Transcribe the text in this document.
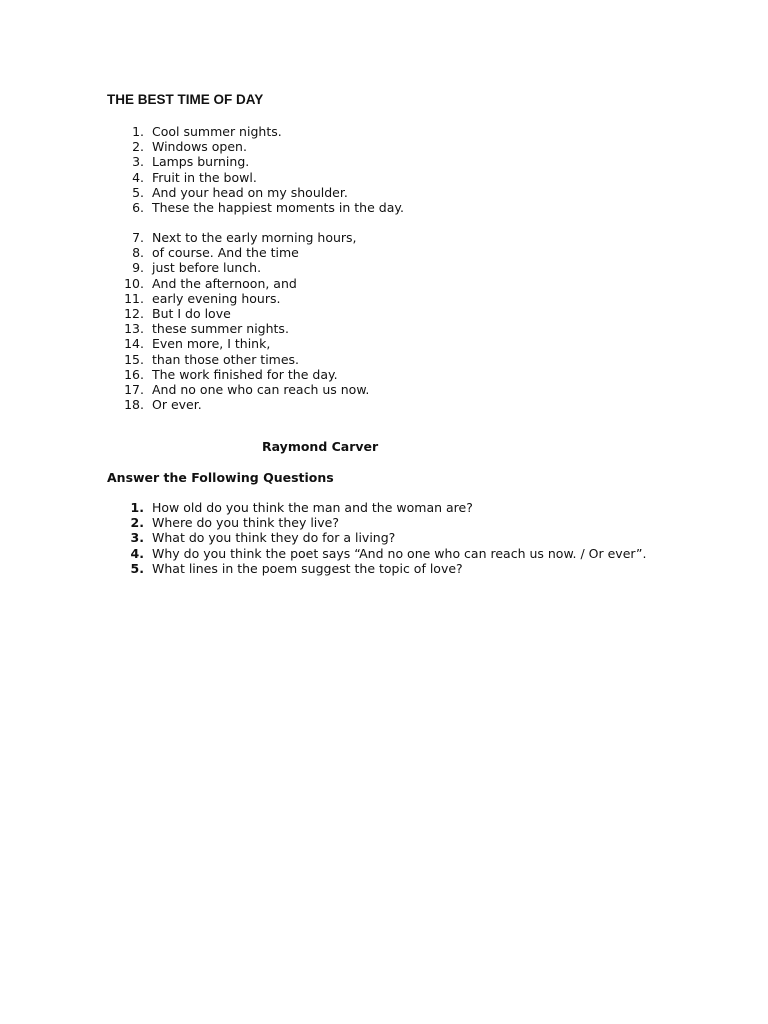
THE BEST TIME OF DAY
1. Cool summer nights.
2. Windows open.
3. Lamps burning.
4. Fruit in the bowl.
5. And your head on my shoulder.
6. These the happiest moments in the day.
7. Next to the early morning hours,
8. of course. And the time
9. just before lunch.
10. And the afternoon, and
11. early evening hours.
12. But I do love
13. these summer nights.
14. Even more, I think,
15. than those other times.
16. The work finished for the day.
17. And no one who can reach us now.
18. Or ever.

Raymond Carver

Answer the Following Questions
1. How old do you think the man and the woman are?
2. Where do you think they live?
3. What do you think they do for a living?
4. Why do you think the poet says “And no one who can reach us now. / Or ever”.
5. What lines in the poem suggest the topic of love?
